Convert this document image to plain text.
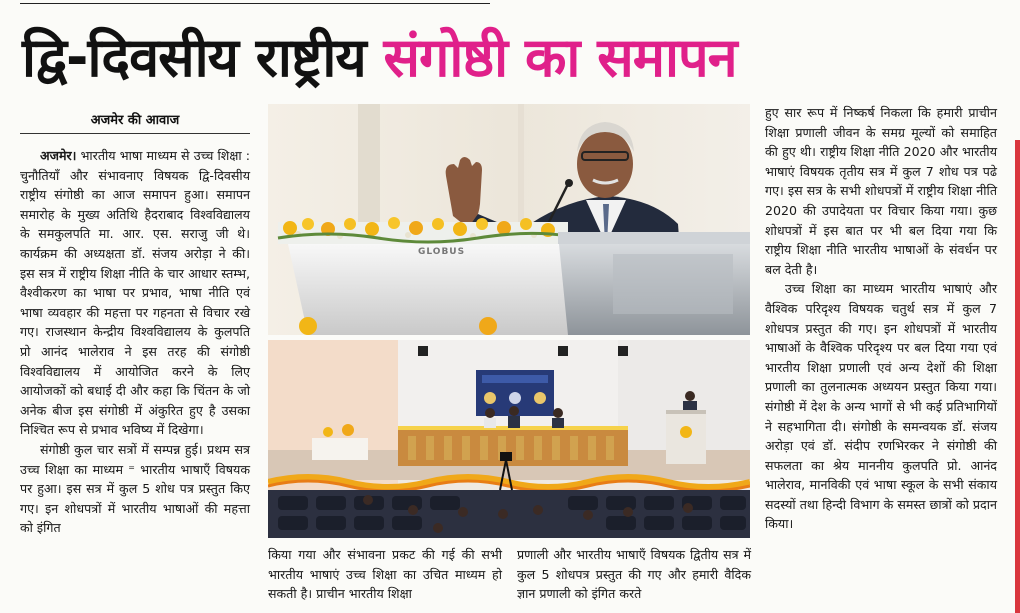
द्वि-दिवसीय राष्ट्रीय संगोष्ठी का समापन
अजमेर की आवाज

अजमेर। भारतीय भाषा माध्यम से उच्च शिक्षा : चुनौतियाँ और संभावनाए विषयक द्वि-दिवसीय राष्ट्रीय संगोष्ठी का आज समापन हुआ। समापन समारोह के मुख्य अतिथि हैदराबाद विश्वविद्यालय के समकुलपति मा. आर. एस. सराजु जी थे। कार्यक्रम की अध्यक्षता डॉ. संजय अरोड़ा ने की। इस सत्र में राष्ट्रीय शिक्षा नीति के चार आधार स्तम्भ, वैश्वीकरण का भाषा पर प्रभाव, भाषा नीति एवं भाषा व्यवहार की महत्ता पर गहनता से विचार रखे गए। राजस्थान केन्द्रीय विश्वविद्यालय के कुलपति प्रो आनंद भालेराव ने इस तरह की संगोष्ठी विश्वविद्यालय में आयोजित करने के लिए आयोजकों को बधाई दी और कहा कि चिंतन के जो अनेक बीज इस संगोष्ठी में अंकुरित हुए है उसका निश्चित रूप से प्रभाव भविष्य में दिखेगा।

संगोष्ठी कुल चार सत्रों में सम्पन्न हुई। प्रथम सत्र उच्च शिक्षा का माध्यम ⁼ भारतीय भाषाएँ विषयक पर हुआ। इस सत्र में कुल 5 शोध पत्र प्रस्तुत किए गए। इन शोधपत्रों में भारतीय भाषाओं की महत्ता को इंगित

GLOBUS

किया गया और संभावना प्रकट की गई की सभी भारतीय भाषाएं उच्च शिक्षा का उचित माध्यम हो सकती है। प्राचीन भारतीय शिक्षा

प्रणाली और भारतीय भाषाएँ विषयक द्वितीय सत्र में कुल 5 शोधपत्र प्रस्तुत की गए और हमारी वैदिक ज्ञान प्रणाली को इंगित करते

हुए सार रूप में निष्कर्ष निकला कि हमारी प्राचीन शिक्षा प्रणाली जीवन के समग्र मूल्यों को समाहित की हुए थी। राष्ट्रीय शिक्षा नीति 2020 और भारतीय भाषाएं विषयक तृतीय सत्र में कुल 7 शोध पत्र पढे गए। इस सत्र के सभी शोधपत्रों में राष्ट्रीय शिक्षा नीति 2020 की उपादेयता पर विचार किया गया। कुछ शोधपत्रों में इस बात पर भी बल दिया गया कि राष्ट्रीय शिक्षा नीति भारतीय भाषाओं के संवर्धन पर बल देती है।

उच्च शिक्षा का माध्यम भारतीय भाषाएं और वैश्विक परिदृश्य विषयक चतुर्थ सत्र में कुल 7 शोधपत्र प्रस्तुत की गए। इन शोधपत्रों में भारतीय भाषाओं के वैश्विक परिदृश्य पर बल दिया गया एवं भारतीय शिक्षा प्रणाली एवं अन्य देशों की शिक्षा प्रणाली का तुलनात्मक अध्ययन प्रस्तुत किया गया। संगोष्ठी में देश के अन्य भागों से भी कई प्रतिभागियों ने सहभागिता दी। संगोष्ठी के समन्वयक डॉ. संजय अरोड़ा एवं डॉ. संदीप रणभिरकर ने संगोष्ठी की सफलता का श्रेय माननीय कुलपति प्रो. आनंद भालेराव, मानविकी एवं भाषा स्कूल के सभी संकाय सदस्यों तथा हिन्दी विभाग के समस्त छात्रों को प्रदान किया।
